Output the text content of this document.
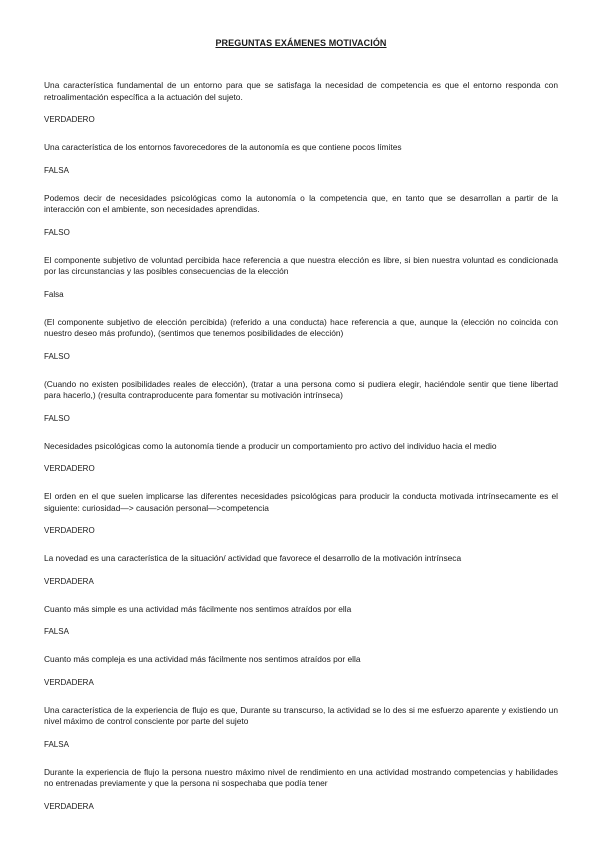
PREGUNTAS EXÁMENES MOTIVACIÓN

Una característica fundamental de un entorno para que se satisfaga la necesidad de competencia es que el entorno responda con retroalimentación específica a la actuación del sujeto.

VERDADERO

Una característica de los entornos favorecedores de la autonomía es que contiene pocos límites

FALSA

Podemos decir de necesidades psicológicas como la autonomía o la competencia que, en tanto que se desarrollan a partir de la interacción con el ambiente, son necesidades aprendidas.

FALSO

El componente subjetivo de voluntad percibida hace referencia a que nuestra elección es libre, si bien nuestra voluntad es condicionada por las circunstancias y las posibles consecuencias de la elección

Falsa

(El componente subjetivo de elección percibida) (referido a una conducta) hace referencia a que, aunque la (elección no coincida con nuestro deseo más profundo), (sentimos que tenemos posibilidades de elección)

FALSO

(Cuando no existen posibilidades reales de elección), (tratar a una persona como si pudiera elegir, haciéndole sentir que tiene libertad para hacerlo,) (resulta contraproducente para fomentar su motivación intrínseca)

FALSO

Necesidades psicológicas como la autonomía tiende a producir un comportamiento pro activo del individuo hacia el medio

VERDADERO

El orden en el que suelen implicarse las diferentes necesidades psicológicas para producir la conducta motivada intrínsecamente es el siguiente: curiosidad—> causación personal—>competencia

VERDADERO

La novedad es una característica de la situación/ actividad que favorece el desarrollo de la motivación intrínseca

VERDADERA

Cuanto más simple es una actividad más fácilmente nos sentimos atraídos por ella

FALSA

Cuanto más compleja es una actividad más fácilmente nos sentimos atraídos por ella

VERDADERA

Una característica de la experiencia de flujo es que, Durante su transcurso, la actividad se lo des si me esfuerzo aparente y existiendo un nivel máximo de control consciente por parte del sujeto

FALSA

Durante la experiencia de flujo la persona nuestro máximo nivel de rendimiento en una actividad mostrando competencias y habilidades no entrenadas previamente y que la persona ni sospechaba que podía tener

VERDADERA
